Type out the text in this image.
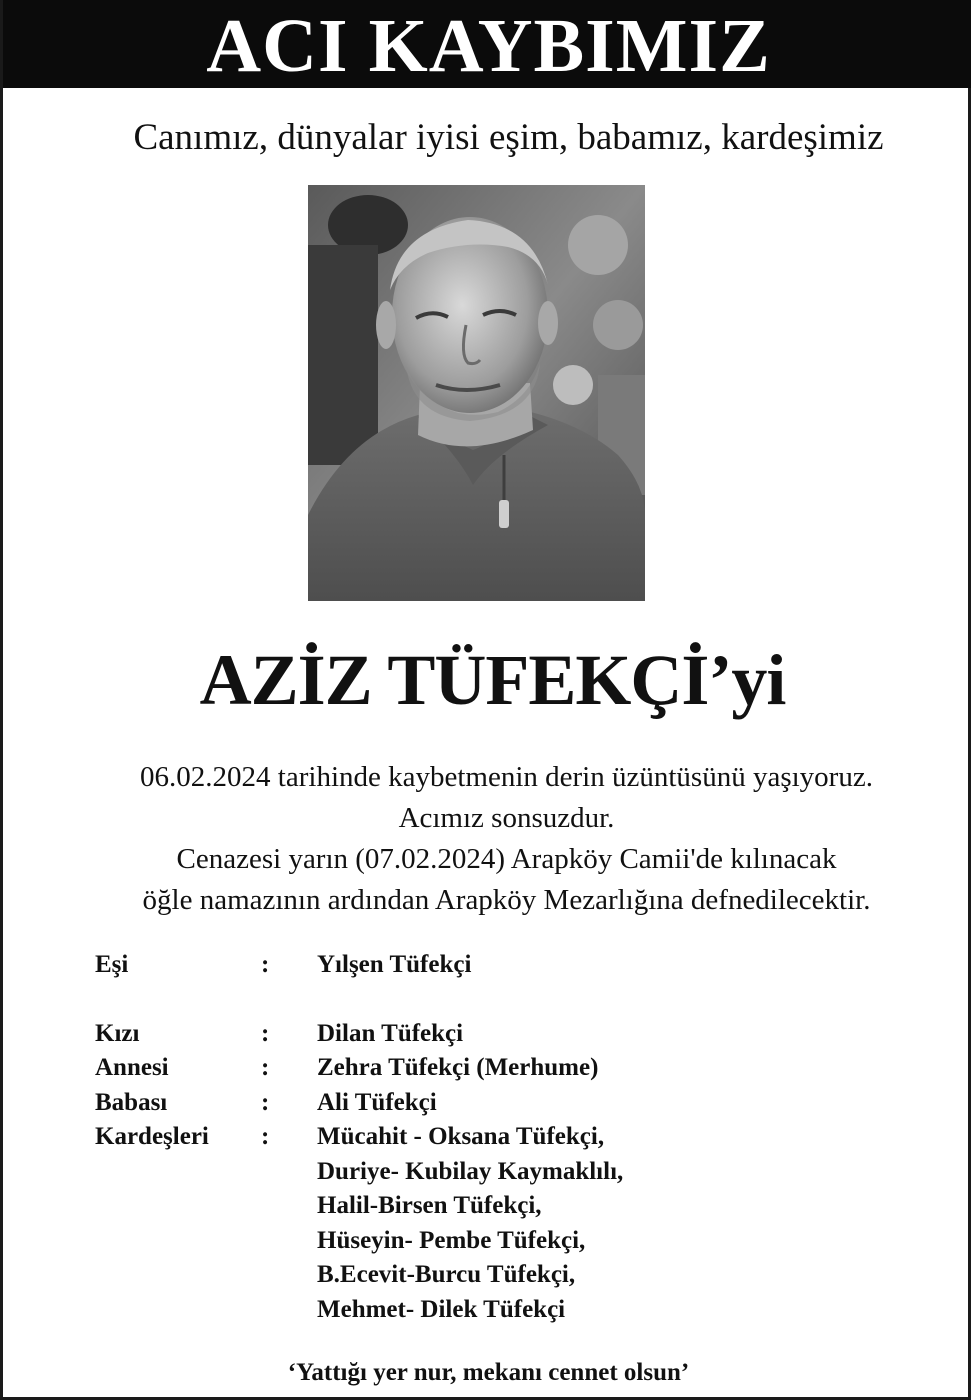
ACI KAYBIMIZ
Canımız, dünyalar iyisi eşim, babamız, kardeşimiz
AZİZ TÜFEKÇİ’yi
06.02.2024 tarihinde kaybetmenin derin üzüntüsünü yaşıyoruz.
Acımız sonsuzdur.
Cenazesi yarın (07.02.2024) Arapköy Camii'de kılınacak
öğle namazının ardından Arapköy Mezarlığına defnedilecektir.
Eşi	: Yılşen Tüfekçi
Kızı	: Dilan Tüfekçi
Annesi	: Zehra Tüfekçi (Merhume)
Babası	: Ali Tüfekçi
Kardeşleri : Mücahit - Oksana Tüfekçi,
Duriye- Kubilay Kaymaklılı,
Halil-Birsen Tüfekçi,
Hüseyin- Pembe Tüfekçi,
B.Ecevit-Burcu Tüfekçi,
Mehmet- Dilek Tüfekçi
‘Yattığı yer nur, mekanı cennet olsun’
